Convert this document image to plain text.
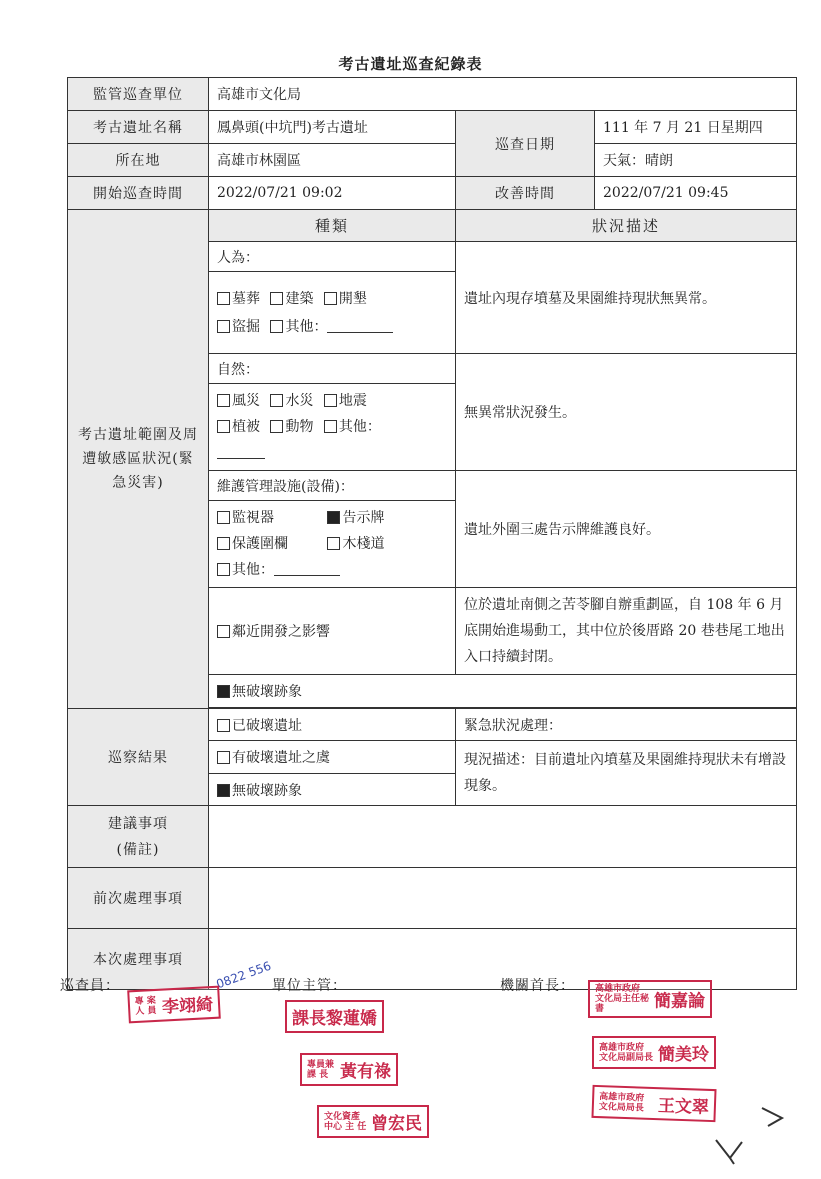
考古遺址巡查紀錄表
監管巡查單位	高雄市文化局		
考古遺址名稱	鳳鼻頭(中坑門)考古遺址	巡查日期	111 年 7 月 21 日星期四
所在地	高雄市林園區		天氣：晴朗
開始巡查時間	2022/07/21 09:02	改善時間	2022/07/21 09:45
考古遺址範圍及周遭敏感區狀況(緊急災害)	種類	狀況描述	
	人為：	遺址內現存墳墓及果園維持現狀無異常。	
	墓葬 建築 開墾
盜掘 其他：		
	自然：	無異常狀況發生。	
	風災 水災 地震
植被 動物 其他：		

	維護管理設施(設備)：	遺址外圍三處告示牌維護良好。	
	監視器 告示牌
保護圍欄 木棧道
其他：		
	鄰近開發之影響	位於遺址南側之苦苓腳自辦重劃區，自 108 年 6 月底開始進場動工，其中位於後厝路 20 巷巷尾工地出入口持續封閉。	
	無破壞跡象		

巡察結果	已破壞遺址	緊急狀況處理：	
	有破壞遺址之虞	現況描述：目前遺址內墳墓及果園維持現狀未有增設現象。	
	無破壞跡象		
建議事項
(備註)			
前次處理事項			
本次處理事項			
巡查員：	單位主管：	機關首長：
0822 556
專 案 人 員 李翊綺
課長黎蓮嬌
專員兼 課 長 黃有祿
文化資產中心 主 任 曾宏民
高雄市政府 文化局主任秘書	簡嘉論
高雄市政府 文化局副局長 簡美玲
高雄市政府 文化局局長 王文翠
